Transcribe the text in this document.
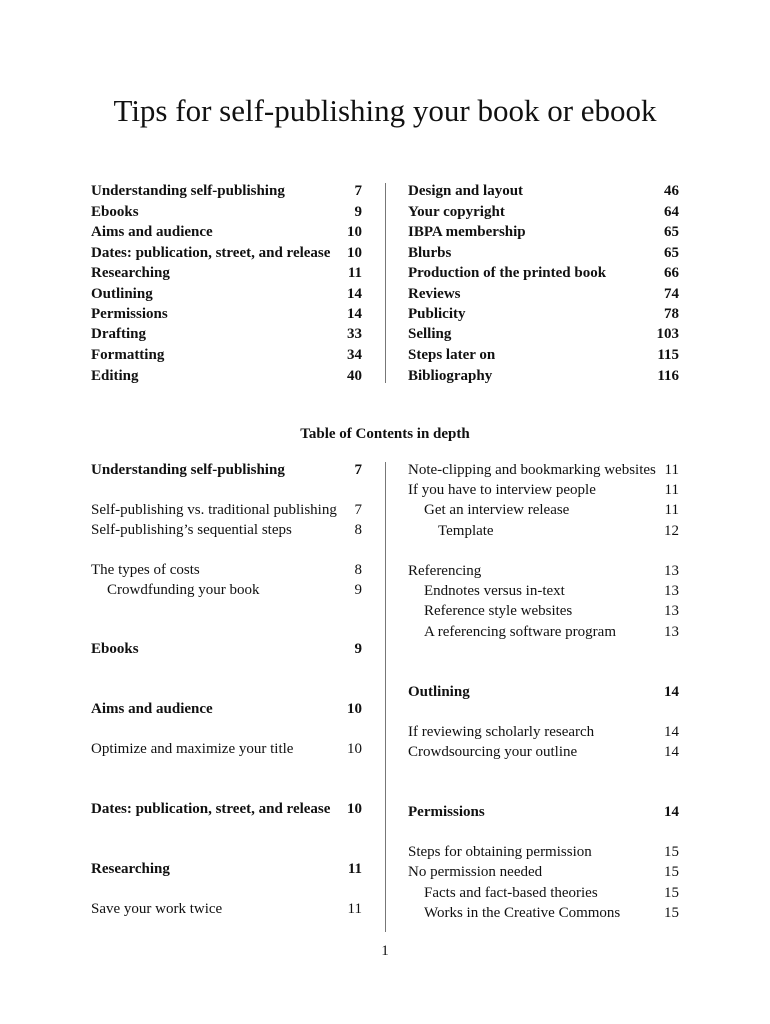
Tips for self-publishing your book or ebook
Understanding self-publishing	7
Ebooks	9
Aims and audience	10
Dates: publication, street, and release 10
Researching	11
Outlining	14
Permissions	14
Drafting	33
Formatting	34
Editing	40
Design and layout	46
Your copyright	64
IBPA membership	65
Blurbs	65
Production of the printed book	66
Reviews	74
Publicity	78
Selling	103
Steps later on	115
Bibliography	116
Table of Contents in depth
Understanding self-publishing	7
Self-publishing vs. traditional publishing 7
Self-publishing’s sequential steps	8
The types of costs	8
Crowdfunding your book	9
Ebooks	9
Aims and audience	10
Optimize and maximize your title	10
Dates: publication, street, and release 10
Researching	11
Save your work twice	11
Note-clipping and bookmarking websites 11
If you have to interview people	11
Get an interview release	11
Template	12
Referencing	13
Endnotes versus in-text	13
Reference style websites	13
A referencing software program	13
Outlining	14
If reviewing scholarly research	14
Crowdsourcing your outline	14
Permissions	14
Steps for obtaining permission	15
No permission needed	15
Facts and fact-based theories	15
Works in the Creative Commons	15
1
